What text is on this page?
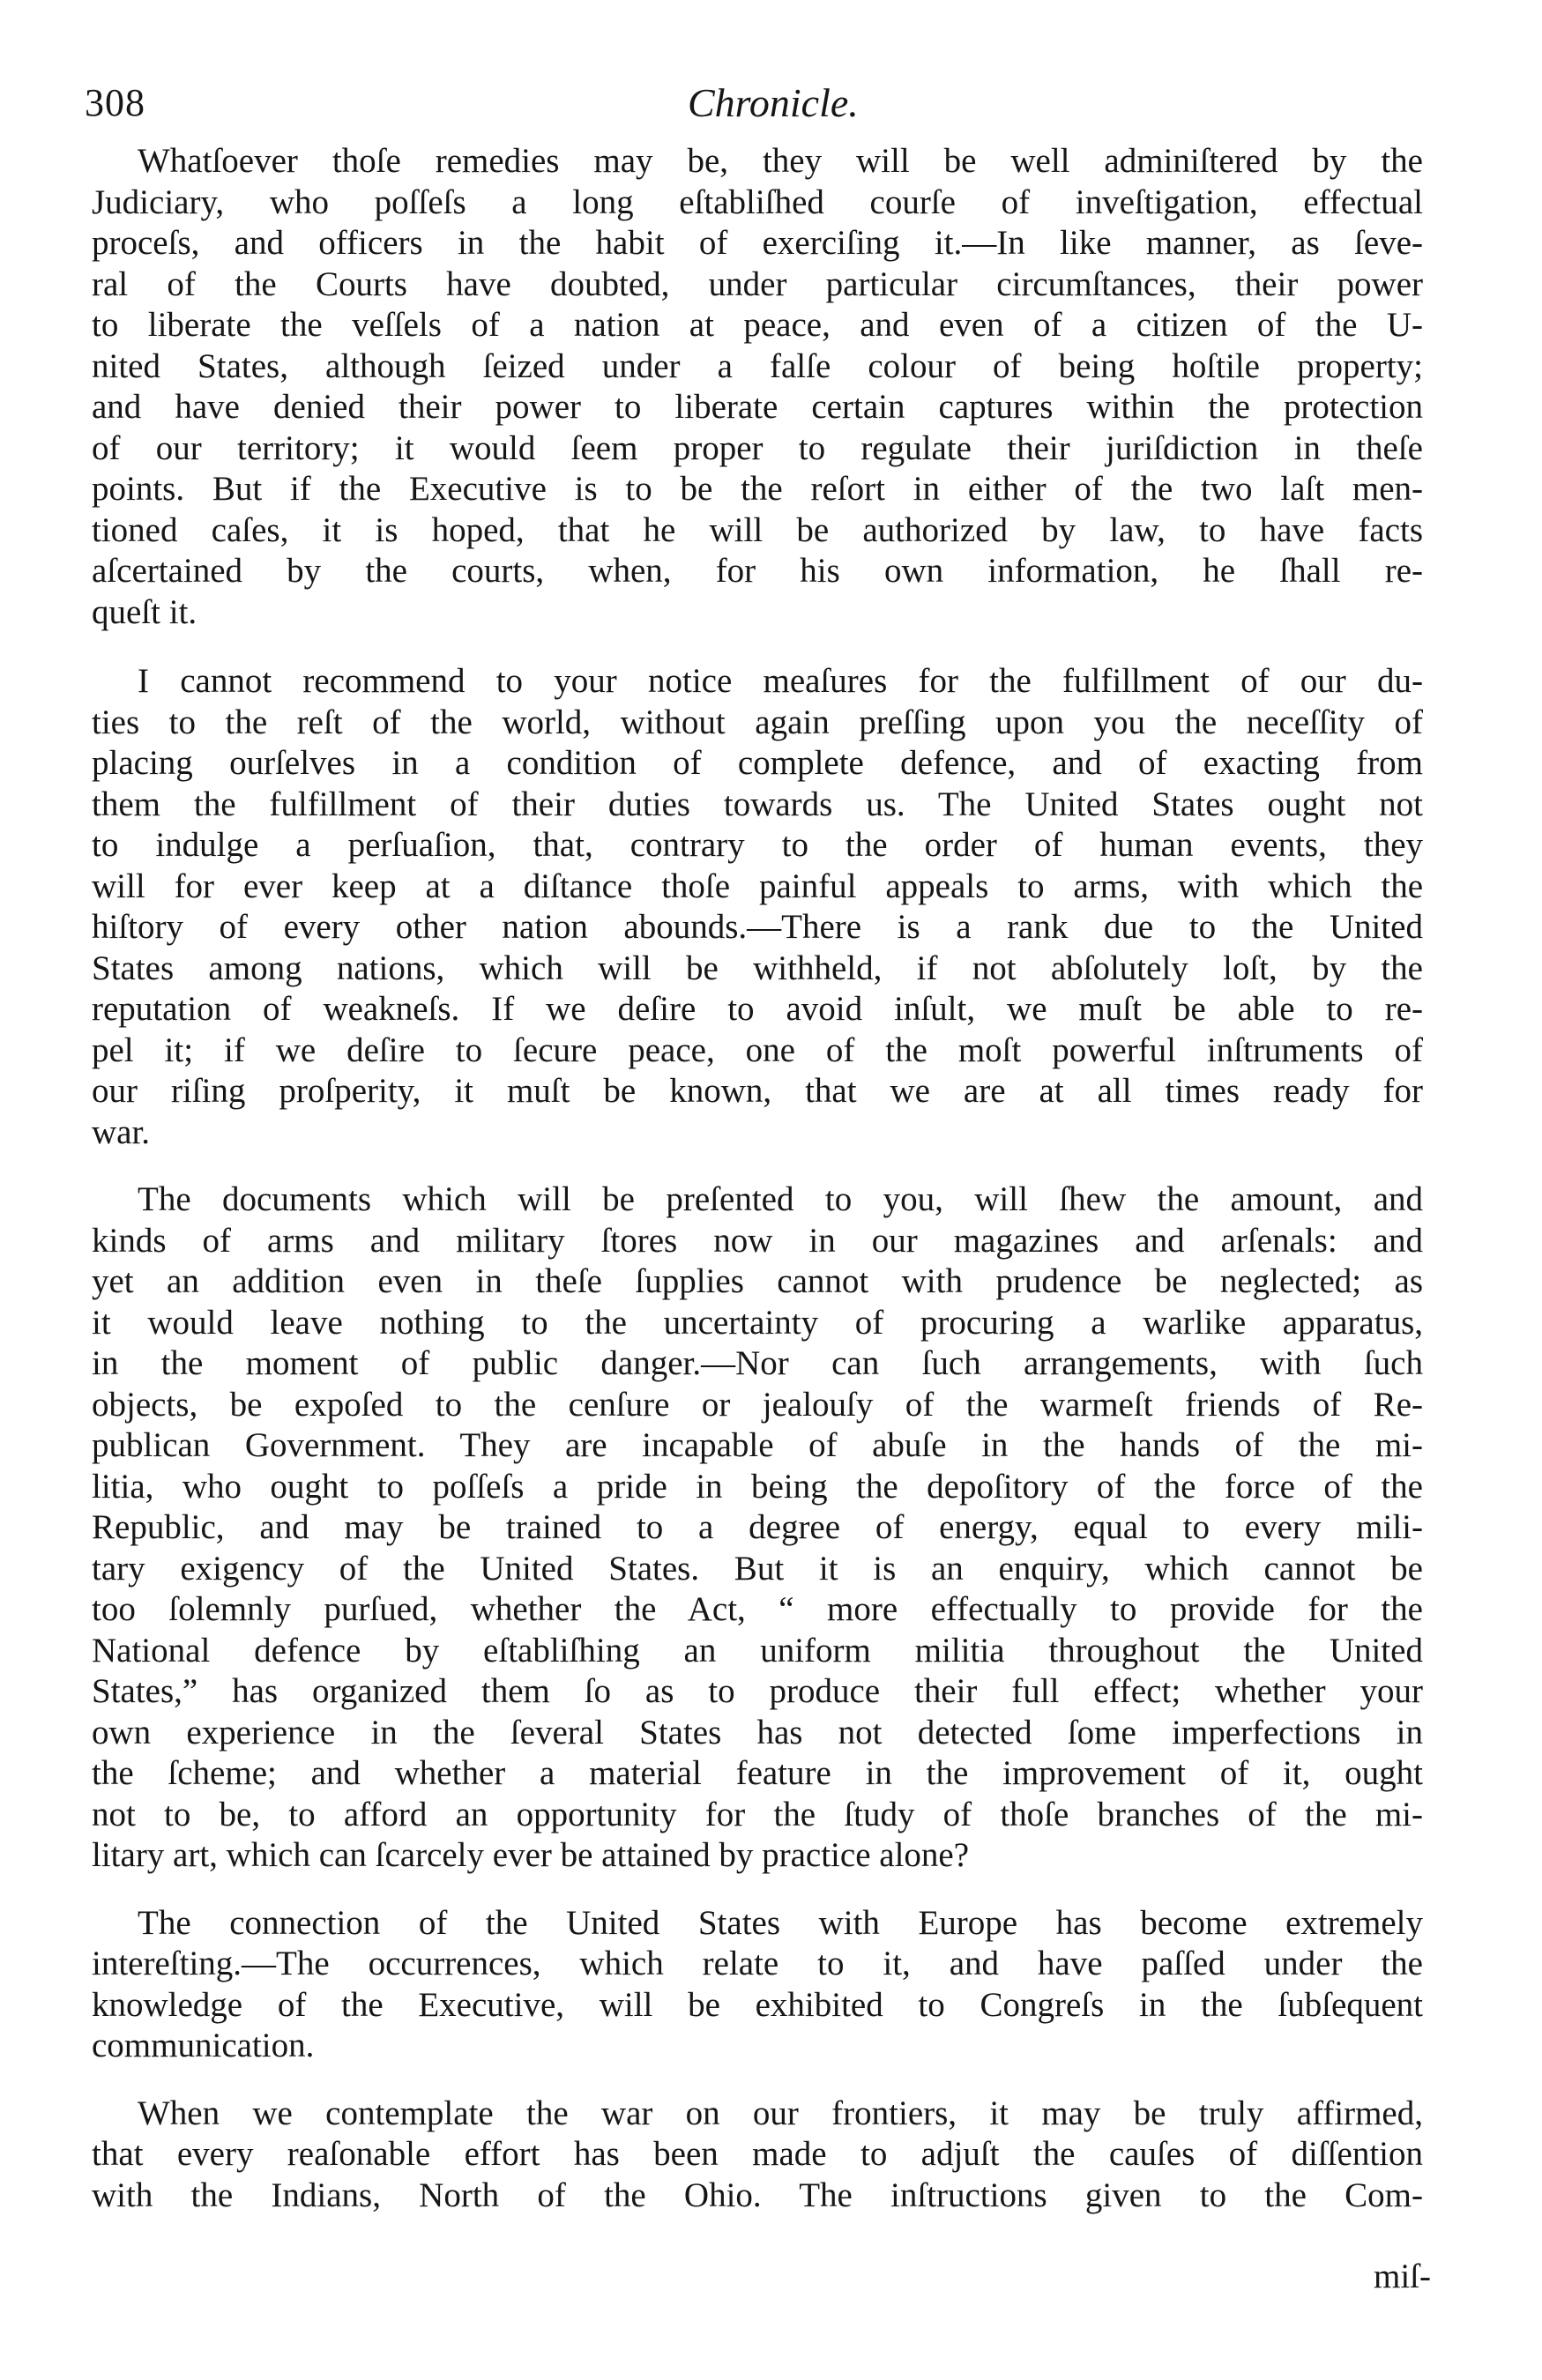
308	Chronicle.

Whatſoever thoſe remedies may be, they will be well adminiſtered by the
Judiciary, who poſſeſs a long eſtabliſhed courſe of inveſtigation, effectual
proceſs, and officers in the habit of exerciſing it.—In like manner, as ſeve-
ral of the Courts have doubted, under particular circumſtances, their power
to liberate the veſſels of a nation at peace, and even of a citizen of the U-
nited States, although ſeized under a falſe colour of being hoſtile property;
and have denied their power to liberate certain captures within the protection
of our territory; it would ſeem proper to regulate their juriſdiction in theſe
points. But if the Executive is to be the reſort in either of the two laſt men-
tioned caſes, it is hoped, that he will be authorized by law, to have facts
aſcertained by the courts, when, for his own information, he ſhall re-
queſt it.

I cannot recommend to your notice meaſures for the fulfillment of our du-
ties to the reſt of the world, without again preſſing upon you the neceſſity of
placing ourſelves in a condition of complete defence, and of exacting from
them the fulfillment of their duties towards us. The United States ought not
to indulge a perſuaſion, that, contrary to the order of human events, they
will for ever keep at a diſtance thoſe painful appeals to arms, with which the
hiſtory of every other nation abounds.—There is a rank due to the United
States among nations, which will be withheld, if not abſolutely loſt, by the
reputation of weakneſs. If we deſire to avoid inſult, we muſt be able to re-
pel it; if we deſire to ſecure peace, one of the moſt powerful inſtruments of
our riſing proſperity, it muſt be known, that we are at all times ready for
war.

The documents which will be preſented to you, will ſhew the amount, and
kinds of arms and military ſtores now in our magazines and arſenals: and
yet an addition even in theſe ſupplies cannot with prudence be neglected; as
it would leave nothing to the uncertainty of procuring a warlike apparatus,
in the moment of public danger.—Nor can ſuch arrangements, with ſuch
objects, be expoſed to the cenſure or jealouſy of the warmeſt friends of Re-
publican Government. They are incapable of abuſe in the hands of the mi-
litia, who ought to poſſeſs a pride in being the depoſitory of the force of the
Republic, and may be trained to a degree of energy, equal to every mili-
tary exigency of the United States. But it is an enquiry, which cannot be
too ſolemnly purſued, whether the Act, “ more effectually to provide for the
National defence by eſtabliſhing an uniform militia throughout the United
States,” has organized them ſo as to produce their full effect; whether your
own experience in the ſeveral States has not detected ſome imperfections in
the ſcheme; and whether a material feature in the improvement of it, ought
not to be, to afford an opportunity for the ſtudy of thoſe branches of the mi-
litary art, which can ſcarcely ever be attained by practice alone?

The connection of the United States with Europe has become extremely
intereſting.—The occurrences, which relate to it, and have paſſed under the
knowledge of the Executive, will be exhibited to Congreſs in the ſubſequent
communication.

When we contemplate the war on our frontiers, it may be truly affirmed,
that every reaſonable effort has been made to adjuſt the cauſes of diſſention
with the Indians, North of the Ohio. The inſtructions given to the Com-

miſ-
